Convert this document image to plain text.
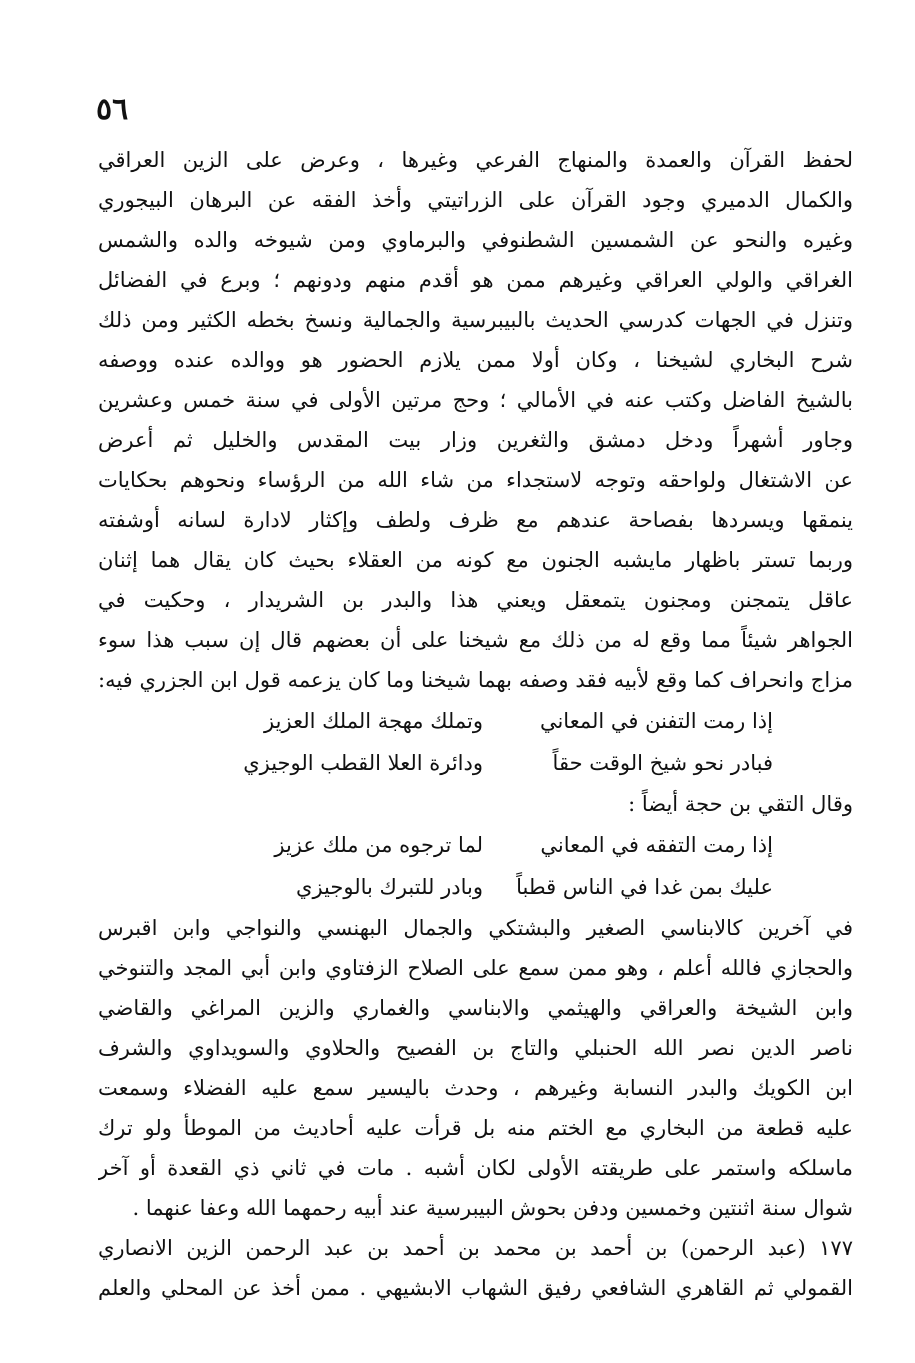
٥٦
لحفظ القرآن والعمدة والمنهاج الفرعي وغيرها ، وعرض على الزين العراقي
والكمال الدميري وجود القرآن على الزراتيتي وأخذ الفقه عن البرهان البيجوري
وغيره والنحو عن الشمسين الشطنوفي والبرماوي ومن شيوخه والده والشمس
الغراقي والولي العراقي وغيرهم ممن هو أقدم منهم ودونهم ؛ وبرع في الفضائل
وتنزل في الجهات كدرسي الحديث بالبيبرسية والجمالية ونسخ بخطه الكثير ومن ذلك
شرح البخاري لشيخنا ، وكان أولا ممن يلازم الحضور هو ووالده عنده ووصفه
بالشيخ الفاضل وكتب عنه في الأمالي ؛ وحج مرتين الأولى في سنة خمس وعشرين
وجاور أشهراً ودخل دمشق والثغرين وزار بيت المقدس والخليل ثم أعرض
عن الاشتغال ولواحقه وتوجه لاستجداء من شاء الله من الرؤساء ونحوهم بحكايات
ينمقها ويسردها بفصاحة عندهم مع ظرف ولطف وإكثار لادارة لسانه أوشفته
وربما تستر باظهار مايشبه الجنون مع كونه من العقلاء بحيث كان يقال هما إثنان
عاقل يتمجنن ومجنون يتمعقل ويعني هذا والبدر بن الشريدار ، وحكيت في
الجواهر شيئاً مما وقع له من ذلك مع شيخنا على أن بعضهم قال إن سبب هذا سوء
مزاج وانحراف كما وقع لأبيه فقد وصفه بهما شيخنا وما كان يزعمه قول ابن الجزري فيه:
إذا رمت التفنن في المعاني
وتملك مهجة الملك العزيز
فبادر نحو شيخ الوقت حقاً
ودائرة العلا القطب الوجيزي
وقال التقي بن حجة أيضاً :
إذا رمت التفقه في المعاني
لما ترجوه من ملك عزيز
عليك بمن غدا في الناس قطباً
وبادر للتبرك بالوجيزي
في آخرين كالابناسي الصغير والبشتكي والجمال البهنسي والنواجي وابن اقبرس
والحجازي فالله أعلم ، وهو ممن سمع على الصلاح الزفتاوي وابن أبي المجد والتنوخي
وابن الشيخة والعراقي والهيثمي والابناسي والغماري والزين المراغي والقاضي
ناصر الدين نصر الله الحنبلي والتاج بن الفصيح والحلاوي والسويداوي والشرف
ابن الكويك والبدر النسابة وغيرهم ، وحدث باليسير سمع عليه الفضلاء وسمعت
عليه قطعة من البخاري مع الختم منه بل قرأت عليه أحاديث من الموطأ ولو ترك
ماسلكه واستمر على طريقته الأولى لكان أشبه . مات في ثاني ذي القعدة أو آخر
شوال سنة اثنتين وخمسين ودفن بحوش البيبرسية عند أبيه رحمهما الله وعفا عنهما .
١٧٧ (عبد الرحمن) بن أحمد بن محمد بن أحمد بن عبد الرحمن الزين الانصاري
القمولي ثم القاهري الشافعي رفيق الشهاب الابشيهي . ممن أخذ عن المحلي والعلم
